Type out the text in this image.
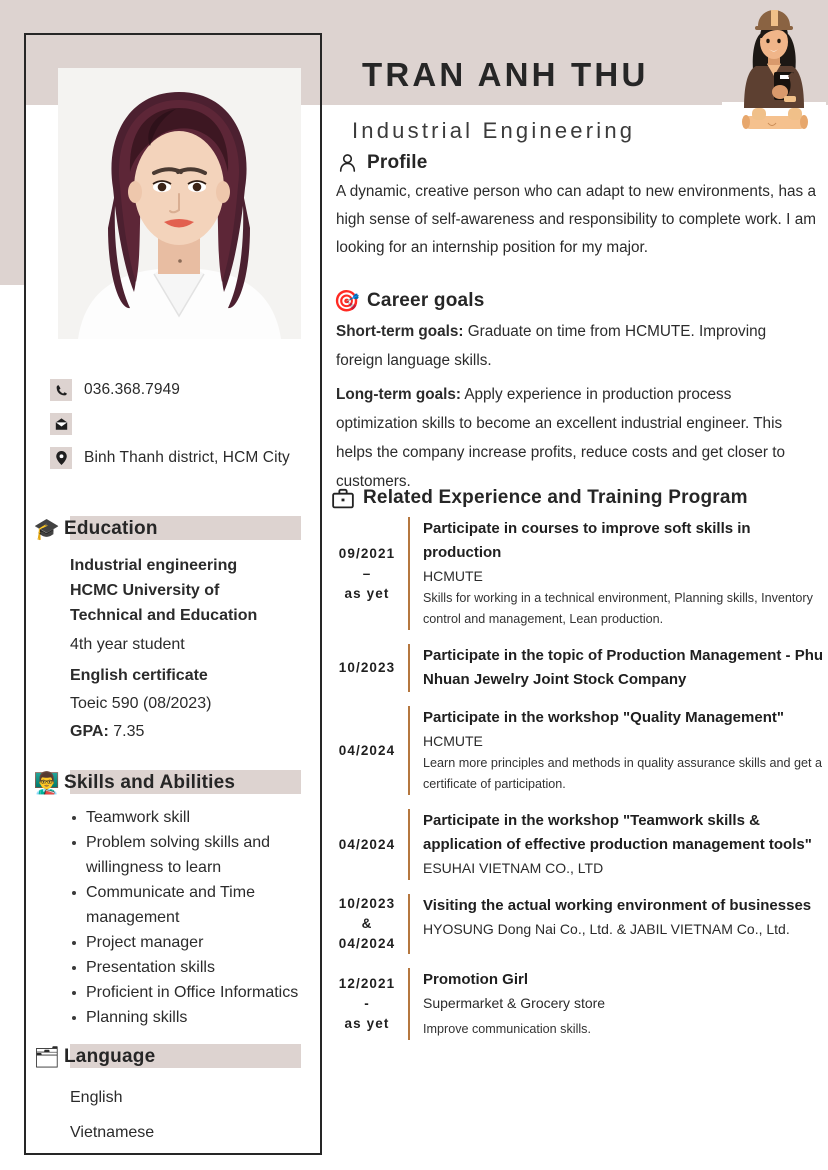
TRAN ANH THU
Industrial Engineering
036.368.7949
Binh Thanh district, HCM City
🎓 Education
Industrial engineering
HCMC University of
Technical and Education
4th year student
English certificate
Toeic 590 (08/2023)
GPA: 7.35
👨‍🏫 Skills and Abilities
Teamwork skill
Problem solving skills and willingness to learn
Communicate and Time management
Project manager
Presentation skills
Proficient in Office Informatics
Planning skills
🗂 Language
English
Vietnamese
Profile
A dynamic, creative person who can adapt to new environments, has a high sense of self-awareness and responsibility to complete work. I am looking for an internship position for my major.
🎯 Career goals
Short-term goals: Graduate on time from HCMUTE. Improving foreign language skills.
Long-term goals: Apply experience in production process optimization skills to become an excellent industrial engineer. This helps the company increase profits, reduce costs and get closer to customers.
Related Experience and Training Program
09/2021
–
as yet
Participate in courses to improve soft skills in production
HCMUTE
Skills for working in a technical environment, Planning skills, Inventory control and management, Lean production.
10/2023
Participate in the topic of Production Management - Phu Nhuan Jewelry Joint Stock Company
04/2024
Participate in the workshop "Quality Management"
HCMUTE
Learn more principles and methods in quality assurance skills and get a certificate of participation.
04/2024
Participate in the workshop "Teamwork skills & application of effective production management tools"
ESUHAI VIETNAM CO., LTD
10/2023
&
04/2024
Visiting the actual working environment of businesses
HYOSUNG Dong Nai Co., Ltd. & JABIL VIETNAM Co., Ltd.
12/2021
-
as yet
Promotion Girl
Supermarket & Grocery store
Improve communication skills.
